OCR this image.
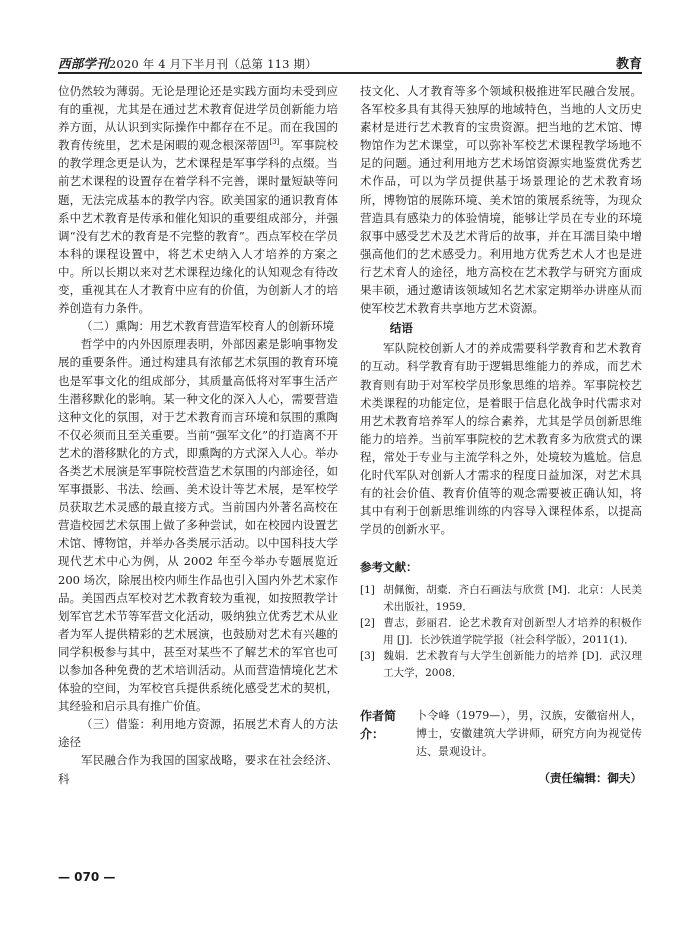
西部学刊2020 年 4 月下半月刊（总第 113 期）	教育

位仍然较为薄弱。无论是理论还是实践方面均未受到应有的重视，尤其是在通过艺术教育促进学员创新能力培养方面，从认识到实际操作中都存在不足。而在我国的教育传统里，艺术是闲暇的观念根深蒂固[3]。军事院校的教学理念更是认为，艺术课程是军事学科的点缀。当前艺术课程的设置存在着学科不完善，课时量短缺等问题，无法完成基本的教学内容。欧美国家的通识教育体系中艺术教育是传承和催化知识的重要组成部分，并强调“没有艺术的教育是不完整的教育”。西点军校在学员本科的课程设置中，将艺术史纳入人才培养的方案之中。所以长期以来对艺术课程边缘化的认知观念有待改变，重视其在人才教育中应有的价值，为创新人才的培养创造有力条件。

（二）熏陶：用艺术教育营造军校育人的创新环境

哲学中的内外因原理表明，外部因素是影响事物发展的重要条件。通过构建具有浓郁艺术氛围的教育环境也是军事文化的组成部分，其质量高低将对军事生活产生潜移默化的影响。某一种文化的深入人心，需要营造这种文化的氛围，对于艺术教育而言环境和氛围的熏陶不仅必须而且至关重要。当前“强军文化”的打造离不开艺术的潜移默化的方式，即熏陶的方式深入人心。举办各类艺术展演是军事院校营造艺术氛围的内部途径，如军事摄影、书法、绘画、美术设计等艺术展，是军校学员获取艺术灵感的最直接方式。当前国内外著名高校在营造校园艺术氛围上做了多种尝试，如在校园内设置艺术馆、博物馆，并举办各类展示活动。以中国科技大学现代艺术中心为例，从 2002 年至今举办专题展览近 200 场次，除展出校内师生作品也引入国内外艺术家作品。美国西点军校对艺术教育较为重视，如按照教学计划军官艺术节等军营文化活动，吸纳独立优秀艺术从业者为军人提供精彩的艺术展演，也鼓励对艺术有兴趣的同学积极参与其中，甚至对某些不了解艺术的军官也可以参加各种免费的艺术培训活动。从而营造情境化艺术体验的空间，为军校官兵提供系统化感受艺术的契机，其经验和启示具有推广价值。

（三）借鉴：利用地方资源，拓展艺术育人的方法途径

军民融合作为我国的国家战略，要求在社会经济、科

技文化、人才教育等多个领域积极推进军民融合发展。各军校多具有其得天独厚的地域特色，当地的人文历史素材是进行艺术教育的宝贵资源。把当地的艺术馆、博物馆作为艺术课堂，可以弥补军校艺术课程教学场地不足的问题。通过利用地方艺术场馆资源实地鉴赏优秀艺术作品，可以为学员提供基于场景理论的艺术教育场所，博物馆的展陈环境、美术馆的策展系统等，为现众营造具有感染力的体验情境，能够让学员在专业的环境叙事中感受艺术及艺术背后的故事，并在耳濡目染中增强高他们的艺术感受力。利用地方优秀艺术人才也是进行艺术育人的途径，地方高校在艺术教学与研究方面成果丰硕，通过邀请该领域知名艺术家定期举办讲座从而使军校艺术教育共享地方艺术资源。

结语

军队院校创新人才的养成需要科学教育和艺术教育的互动。科学教育有助于逻辑思维能力的养成，而艺术教育则有助于对军校学员形象思维的培养。军事院校艺术类课程的功能定位，是着眼于信息化战争时代需求对用艺术教育培养军人的综合素养，尤其是学员创新思维能力的培养。当前军事院校的艺术教育多为欣赏式的课程，常处于专业与主流学科之外，处境较为尴尬。信息化时代军队对创新人才需求的程度日益加深，对艺术具有的社会价值、教育价值等的观念需要被正确认知，将其中有利于创新思维训练的内容导入课程体系，以提高学员的创新水平。

参考文献：

[1] 胡佩衡，胡橐．齐白石画法与欣赏 [M]．北京：人民美术出版社，1959．

[2] 曹志，彭丽君．论艺术教育对创新型人才培养的积极作用 [J]．长沙铁道学院学报（社会科学版），2011(1)．

[3] 魏娟．艺术教育与大学生创新能力的培养 [D]．武汉理工大学，2008．

作者简介：
卜令峰（1979—），男，汉族，安徽宿州人，博士，安徽建筑大学讲师，研究方向为视觉传达、景观设计。
（责任编辑：御夫）
— 070 —
